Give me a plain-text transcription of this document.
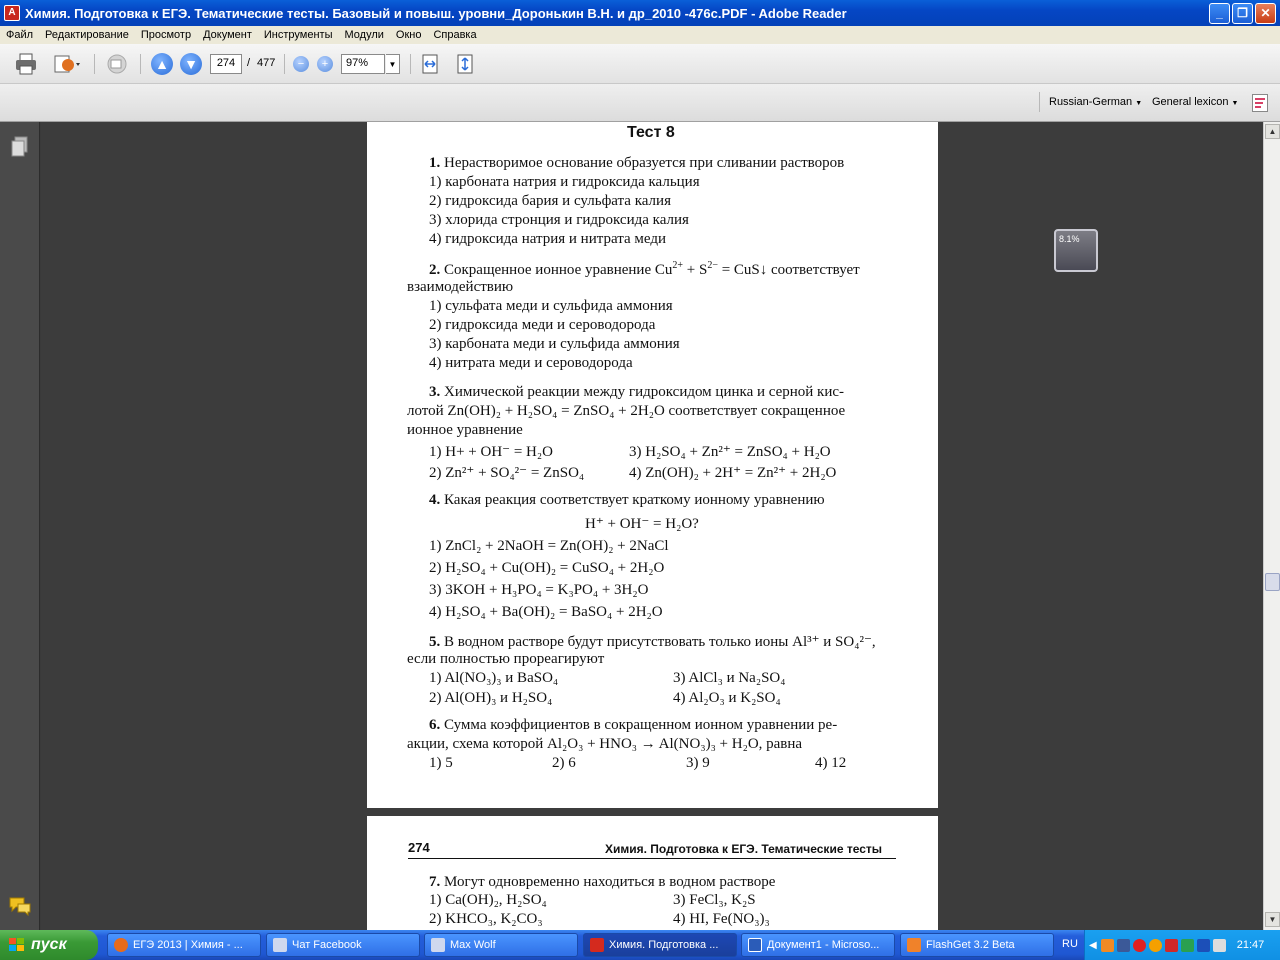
A Химия. Подготовка к ЕГЭ. Тематические тесты. Базовый и повыш. уровни_Доронькин В.Н. и др_2010 -476с.PDF - Adobe Reader	_	❐	✕
Файл	Редактирование	Просмотр	Документ	Инструменты	Модули	Окно	Справка
▲ ▼	274	/ 477	−	+	97%	▼
Russian-German ▼ General lexicon ▼
Тест 8
1. Нерастворимое основание образуется при сливании растворов
1) карбоната натрия и гидроксида кальция
2) гидроксида бария и сульфата калия
3) хлорида стронция и гидроксида калия
4) гидроксида натрия и нитрата меди
2. Сокращенное ионное уравнение $Cu^{2+} + S^{2-}$ = CuS↓ соответствует
взаимодействию
1) сульфата меди и сульфида аммония
2) гидроксида меди и сероводорода
3) карбоната меди и сульфида аммония
4) нитрата меди и сероводорода
3. Химической реакции между гидроксидом цинка и серной кис-
лотой Zn(OH)₂ + H₂SO₄ = ZnSO₄ + 2H₂O соответствует сокращенное
ионное уравнение
1) H+ + OH⁻ = H₂O	3) H₂SO₄ + Zn²⁺ = ZnSO₄ + H₂O
2) Zn²⁺ + SO₄²⁻ = ZnSO₄	4) Zn(OH)₂ + 2H⁺ = Zn²⁺ + 2H₂O
4. Какая реакция соответствует краткому ионному уравнению
H⁺ + OH⁻ = H₂O?
1) ZnCl₂ + 2NaOH = Zn(OH)₂ + 2NaCl
2) H₂SO₄ + Cu(OH)₂ = CuSO₄ + 2H₂O
3) 3KOH + H₃PO₄ = K₃PO₄ + 3H₂O
4) H₂SO₄ + Ba(OH)₂ = BaSO₄ + 2H₂O
5. В водном растворе будут присутствовать только ионы Al³⁺ и SO₄²⁻,
если полностью прореагируют
1) Al(NO₃)₃ и BaSO₄	3) AlCl₃ и Na₂SO₄
2) Al(OH)₃ и H₂SO₄	4) Al₂O₃ и K₂SO₄
6. Сумма коэффициентов в сокращенном ионном уравнении ре-
акции, схема которой Al₂O₃ + HNO₃ → Al(NO₃)₃ + H₂O, равна
1) 5	2) 6	3) 9	4) 12
274	Химия. Подготовка к ЕГЭ. Тематические тесты
7. Могут одновременно находиться в водном растворе
1) Ca(OH)₂, H₂SO₄	3) FeCl₃, K₂S
2) KHCO₃, K₂CO₃	4) HI, Fe(NO₃)₃
8.1%
▲
▼
пуск	ЕГЭ 2013 | Химия - ...	Чат Facebook	Max Wolf	Химия. Подготовка ...	Документ1 - Microso...	FlashGet 3.2 Beta	RU ◀	21:47
